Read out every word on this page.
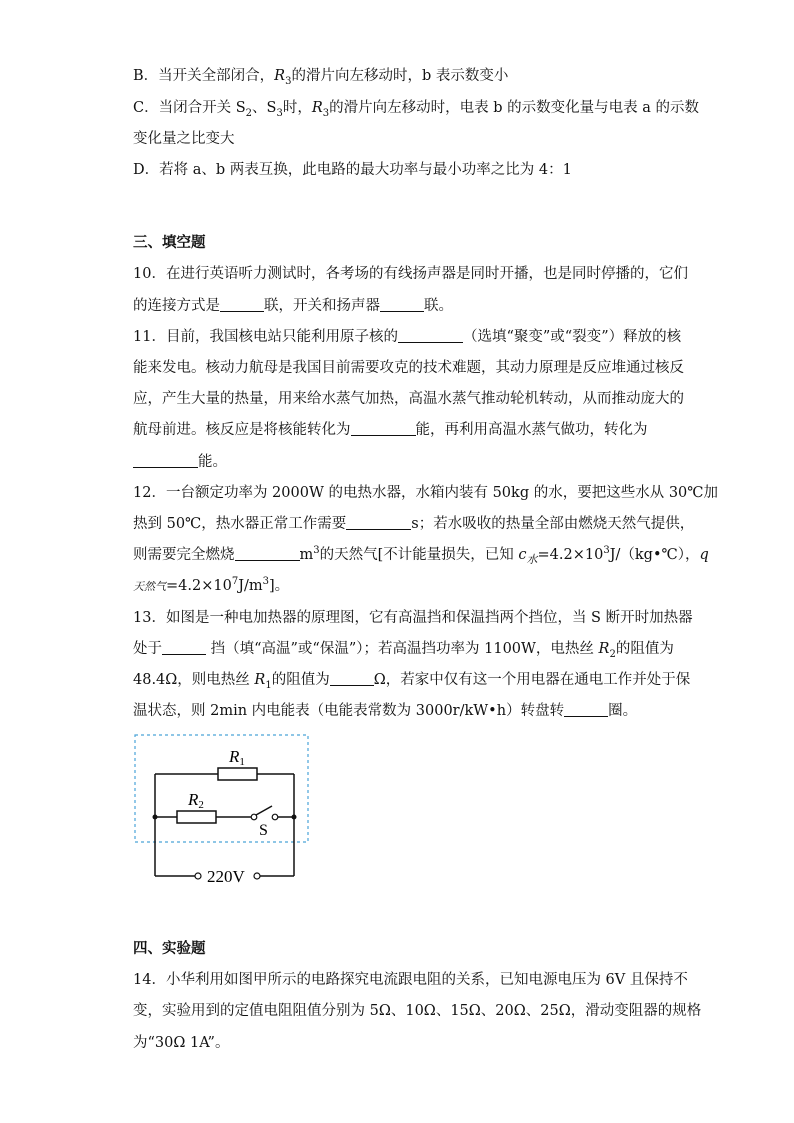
B．当开关全部闭合，$R_3$的滑片向左移动时，b 表示数变小
C．当闭合开关 $S_2$、$S_3$时，$R_3$的滑片向左移动时，电表 b 的示数变化量与电表 a 的示数
变化量之比变大
D．若将 a、b 两表互换，此电路的最大功率与最小功率之比为 4：1
三、填空题
10．在进行英语听力测试时，各考场的有线扬声器是同时开播，也是同时停播的，它们
的连接方式是	联，开关和扬声器	联。
11．目前，我国核电站只能利用原子核的	（选填“聚变”或“裂变”）释放的核
能来发电。核动力航母是我国目前需要攻克的技术难题，其动力原理是反应堆通过核反
应，产生大量的热量，用来给水蒸气加热，高温水蒸气推动轮机转动，从而推动庞大的
航母前进。核反应是将核能转化为	能，再利用高温水蒸气做功，转化为
能。
12．一台额定功率为 2000W 的电热水器，水箱内装有 50kg 的水，要把这些水从 30℃加
热到 50℃，热水器正常工作需要	s；若水吸收的热量全部由燃烧天然气提供，
则需要完全燃烧	$m^3$的天然气[不计能量损失，已知 $c_水=4.2\times 10^3J/(kg•℃)$，q
天然气$=4.2\times 10^7J/m^3$]。
13．如图是一种电加热器的原理图，它有高温挡和保温挡两个挡位，当 S 断开时加热器
处于	挡（填“高温”或“保温”）；若高温挡功率为 1100W，电热丝 $R_2$的阻值为
48.4Ω，则电热丝 $R_1$的阻值为	Ω，若家中仅有这一个用电器在通电工作并处于保
温状态，则 2min 内电能表（电能表常数为 3000r/kW•h）转盘转	圈。
R1
R2
S
220V
四、实验题
14．小华利用如图甲所示的电路探究电流跟电阻的关系，已知电源电压为 6V 且保持不
变，实验用到的定值电阻阻值分别为 5Ω、10Ω、15Ω、20Ω、25Ω，滑动变阻器的规格
为“30Ω 1A”。
